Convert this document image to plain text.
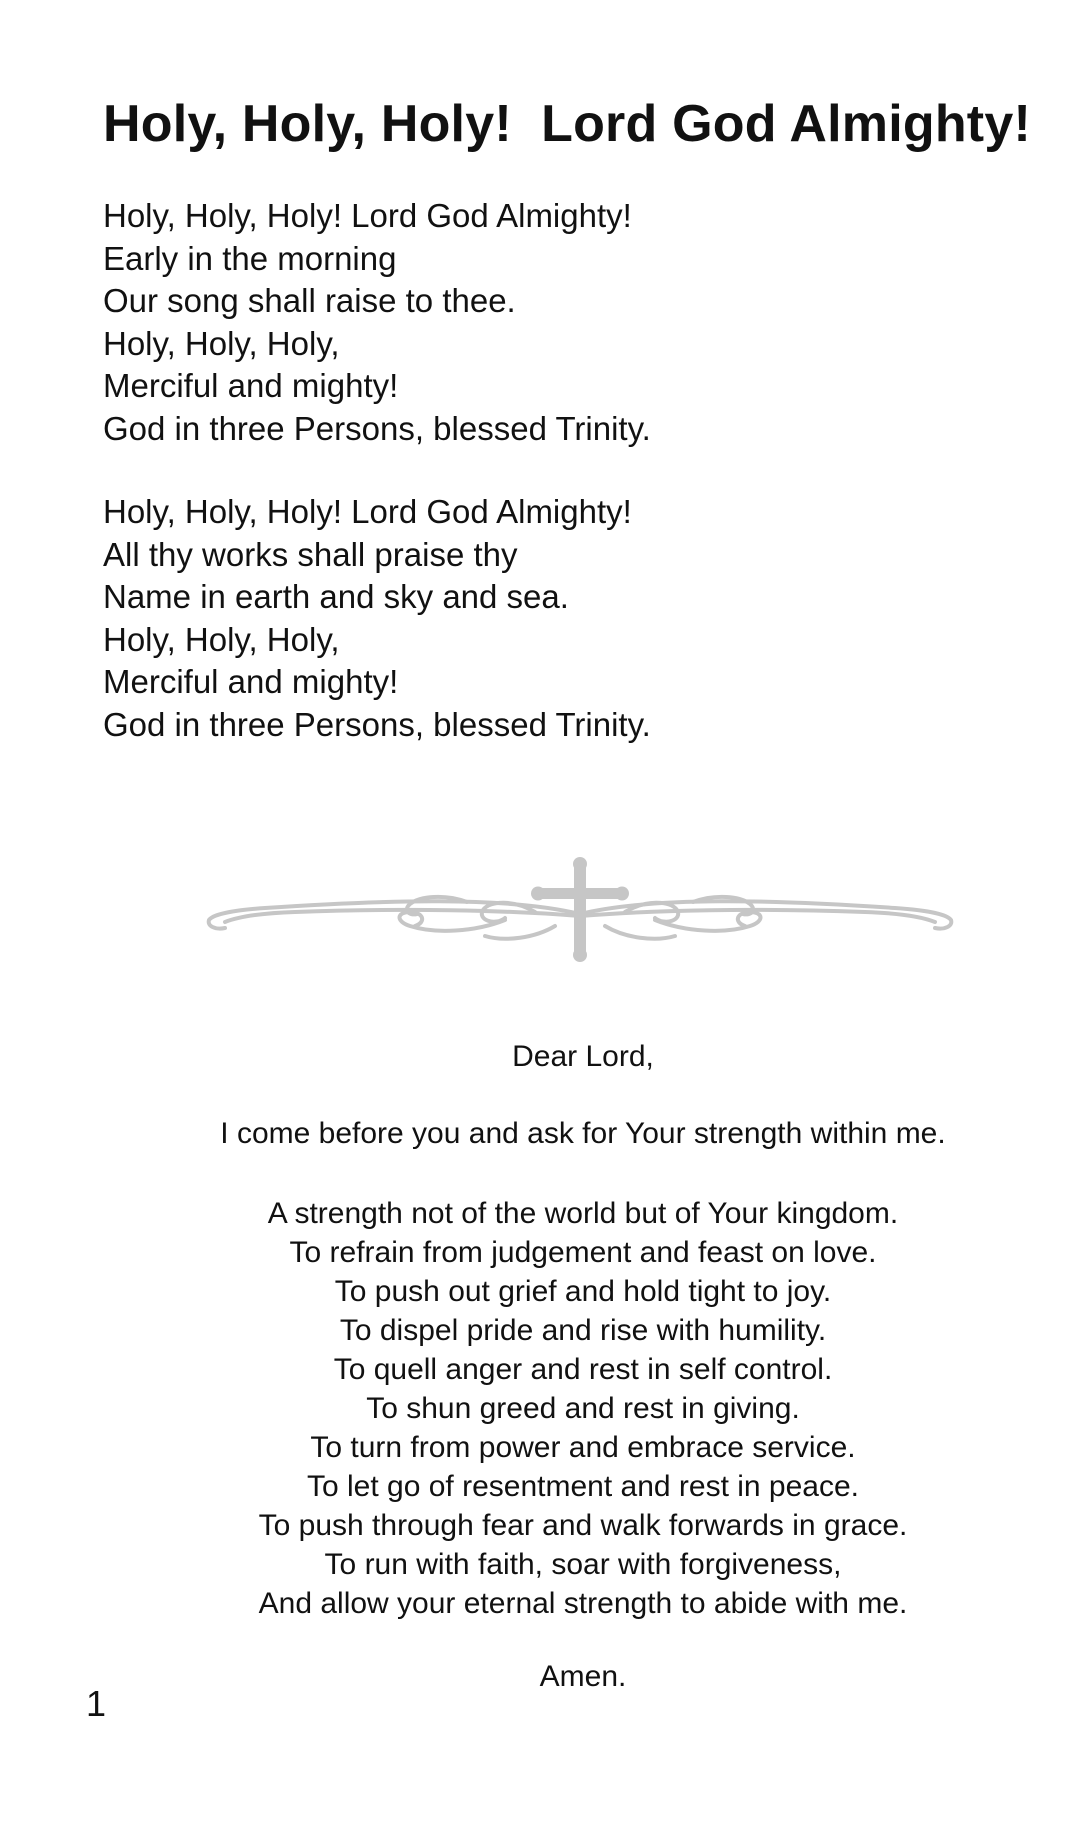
Holy, Holy, Holy!  Lord God Almighty!
Holy, Holy, Holy! Lord God Almighty!
Early in the morning
Our song shall raise to thee.
Holy, Holy, Holy,
Merciful and mighty!
God in three Persons, blessed Trinity.
Holy, Holy, Holy! Lord God Almighty!
All thy works shall praise thy
Name in earth and sky and sea.
Holy, Holy, Holy,
Merciful and mighty!
God in three Persons, blessed Trinity.
Dear Lord,
I come before you and ask for Your strength within me.
A strength not of the world but of Your kingdom.
To refrain from judgement and feast on love.
To push out grief and hold tight to joy.
To dispel pride and rise with humility.
To quell anger and rest in self control.
To shun greed and rest in giving.
To turn from power and embrace service.
To let go of resentment and rest in peace.
To push through fear and walk forwards in grace.
To run with faith, soar with forgiveness,
And allow your eternal strength to abide with me.
Amen.
1
